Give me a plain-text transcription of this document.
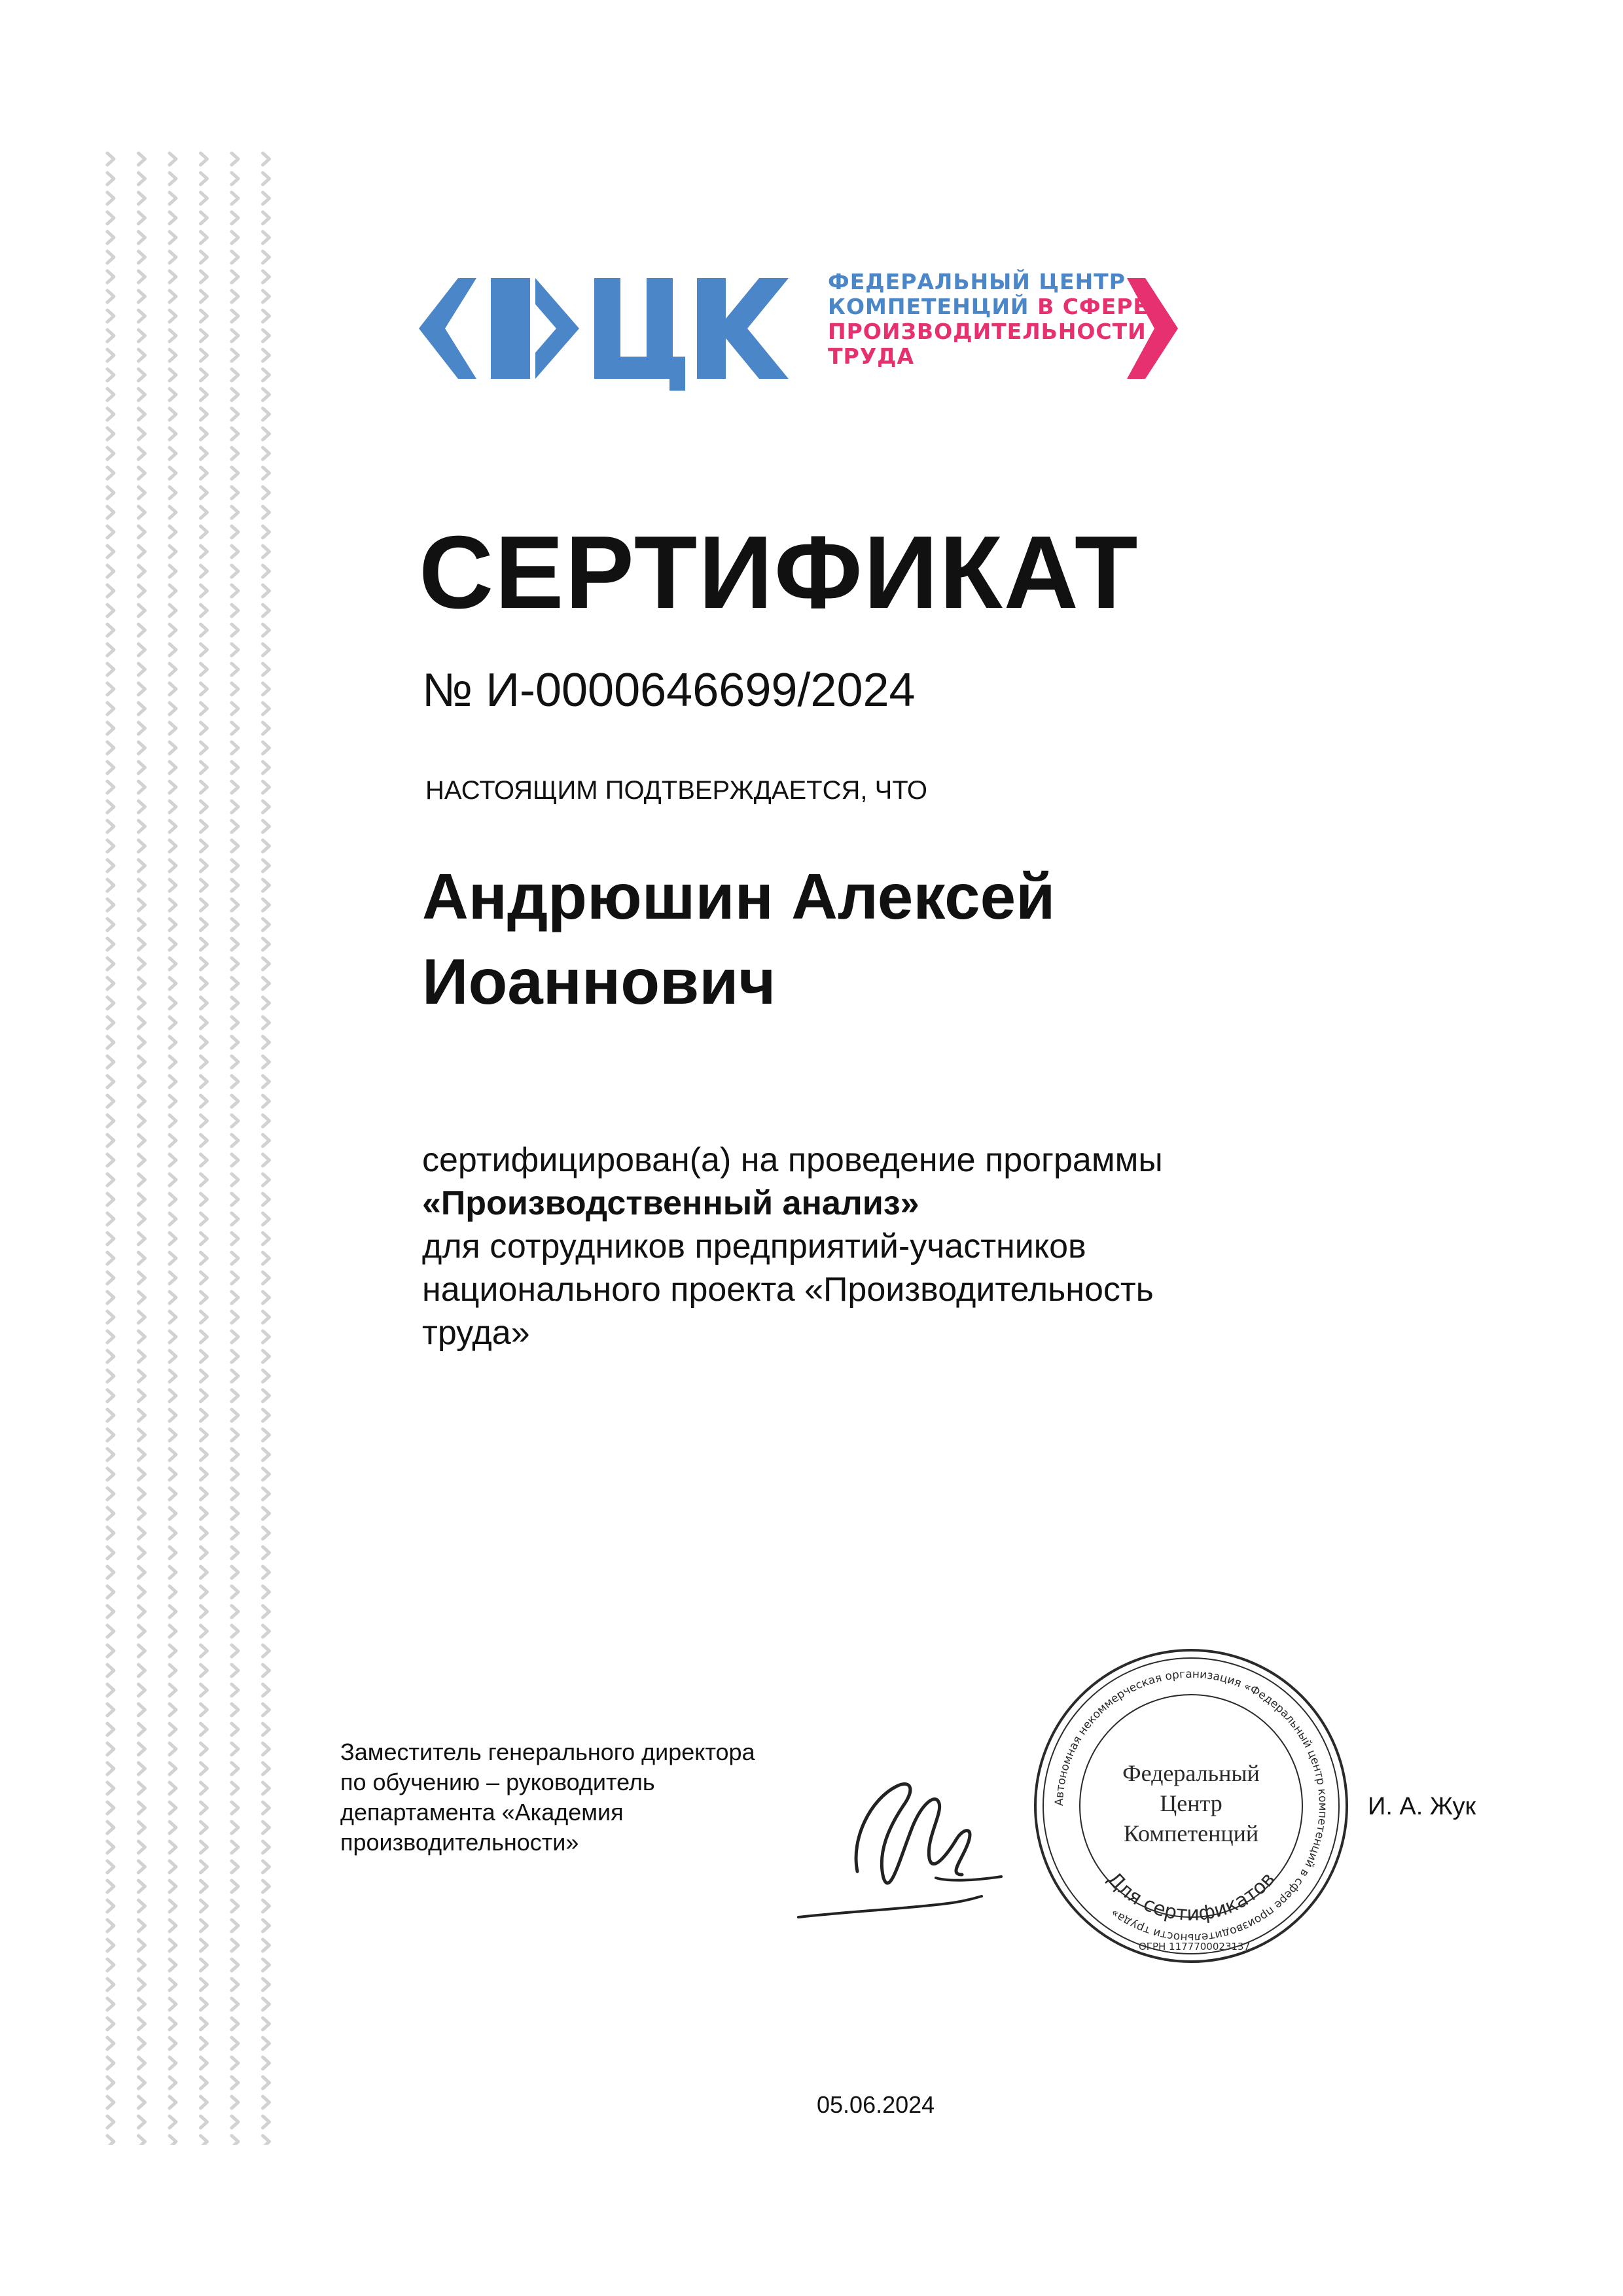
ФЕДЕРАЛЬНЫЙ ЦЕНТР
КОМПЕТЕНЦИЙ В СФЕРЕ
ПРОИЗВОДИТЕЛЬНОСТИ
ТРУДА
СЕРТИФИКАТ
№ И-0000646699/2024
НАСТОЯЩИМ ПОДТВЕРЖДАЕТСЯ, ЧТО
Андрюшин Алексей
Иоаннович
сертифицирован(а) на проведение программы
«Производственный анализ»
для сотрудников предприятий-участников
национального проекта «Производительность
труда»
Заместитель генерального директора
по обучению – руководитель
департамента «Академия
производительности»
Автономная некоммерческая организация «Федеральный центр компетенций в сфере производительности труда»
ОГРН 1177700023137
Для сертификатов
Федеральный
Центр
Компетенций
И. А. Жук
05.06.2024
